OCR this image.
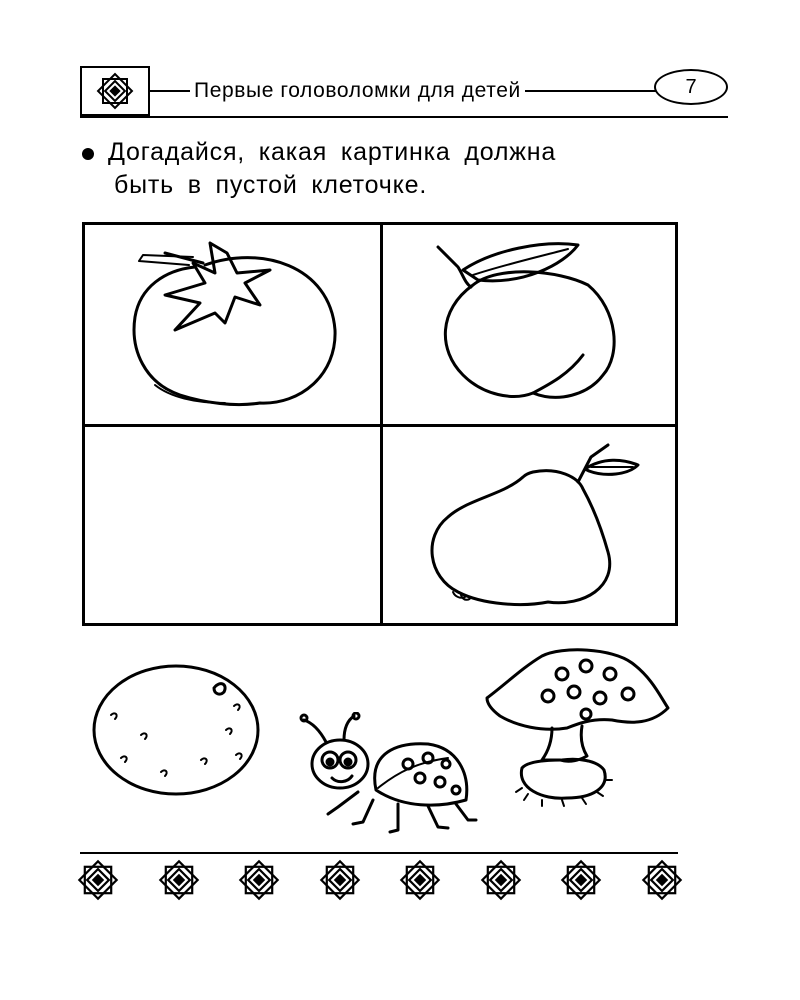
Первые головоломки для детей	7
Догадайся, какая картинка должна
быть в пустой клеточке.
